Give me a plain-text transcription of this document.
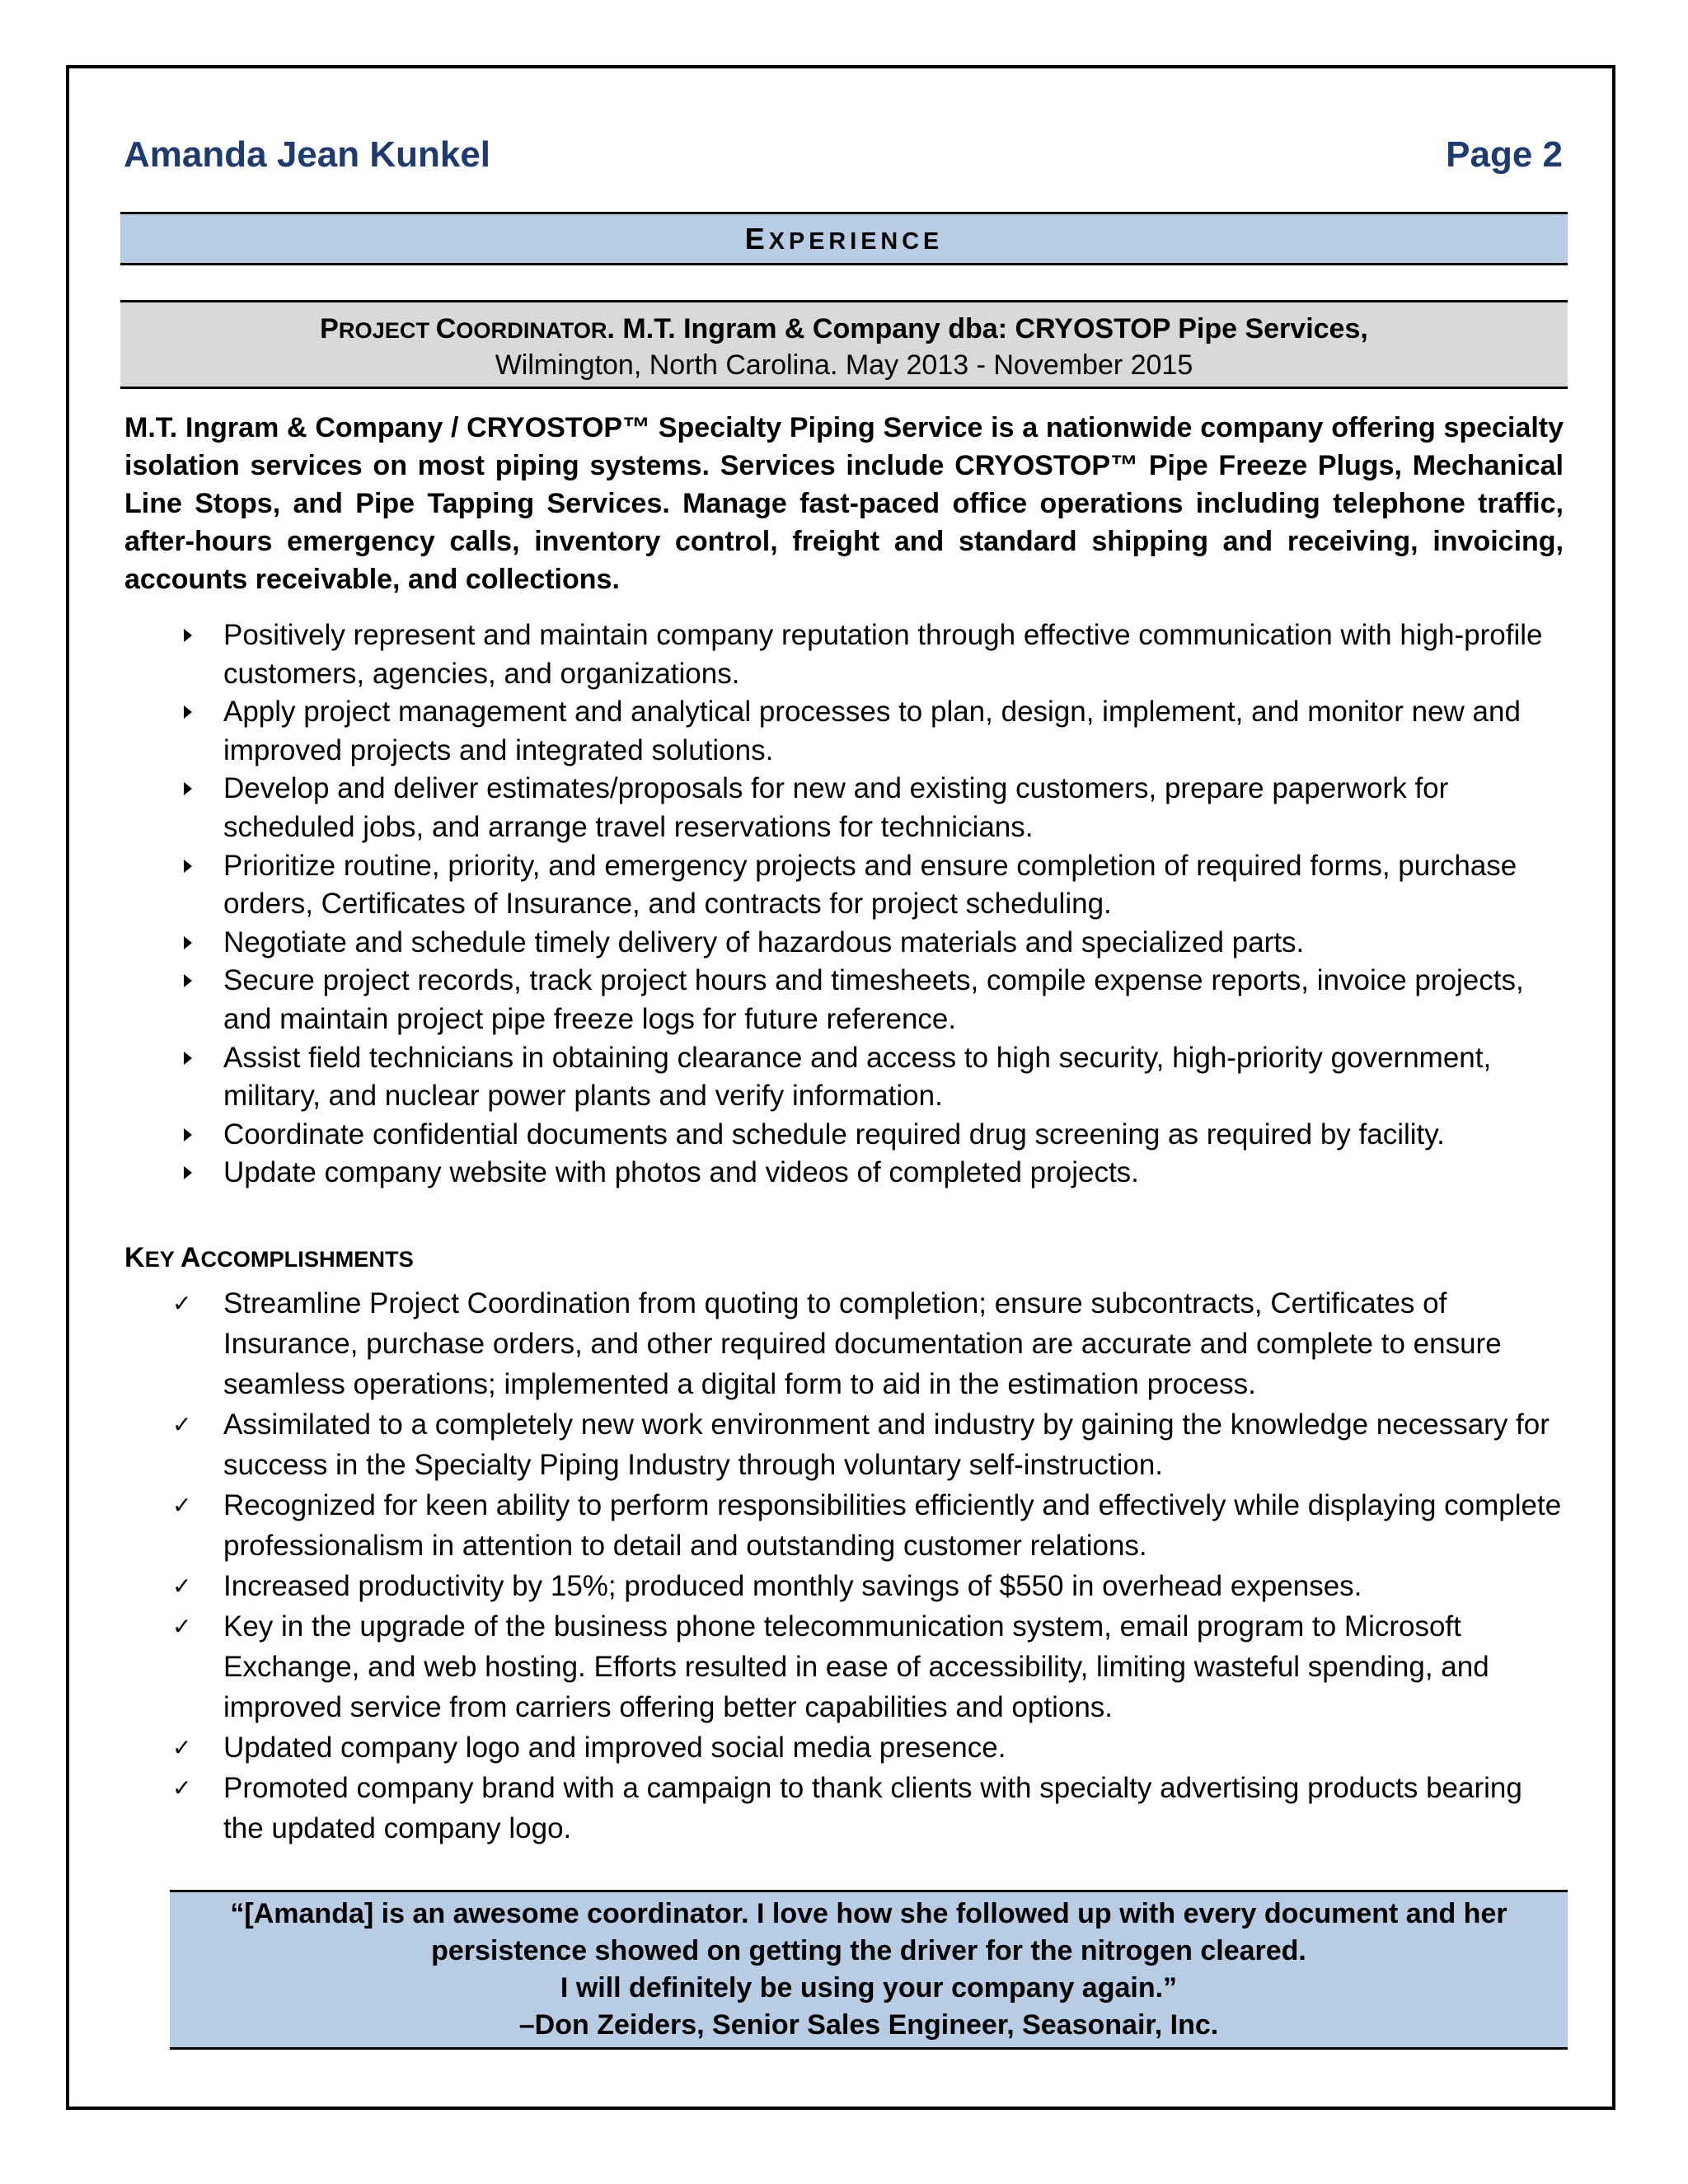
Amanda Jean Kunkel	Page 2
EXPERIENCE
PROJECT COORDINATOR. M.T. Ingram & Company dba: CRYOSTOP Pipe Services,
Wilmington, North Carolina. May 2013 - November 2015
M.T. Ingram & Company / CRYOSTOP™ Specialty Piping Service is a nationwide company offering specialty isolation services on most piping systems. Services include CRYOSTOP™ Pipe Freeze Plugs, Mechanical Line Stops, and Pipe Tapping Services. Manage fast-paced office operations including telephone traffic, after-hours emergency calls, inventory control, freight and standard shipping and receiving, invoicing, accounts receivable, and collections.
Positively represent and maintain company reputation through effective communication with high-profile customers, agencies, and organizations.
Apply project management and analytical processes to plan, design, implement, and monitor new and improved projects and integrated solutions.
Develop and deliver estimates/proposals for new and existing customers, prepare paperwork for scheduled jobs, and arrange travel reservations for technicians.
Prioritize routine, priority, and emergency projects and ensure completion of required forms, purchase orders, Certificates of Insurance, and contracts for project scheduling.
Negotiate and schedule timely delivery of hazardous materials and specialized parts.
Secure project records, track project hours and timesheets, compile expense reports, invoice projects, and maintain project pipe freeze logs for future reference.
Assist field technicians in obtaining clearance and access to high security, high-priority government, military, and nuclear power plants and verify information.
Coordinate confidential documents and schedule required drug screening as required by facility.
Update company website with photos and videos of completed projects.
KEY ACCOMPLISHMENTS
✓ Streamline Project Coordination from quoting to completion; ensure subcontracts, Certificates of Insurance, purchase orders, and other required documentation are accurate and complete to ensure seamless operations; implemented a digital form to aid in the estimation process.
✓ Assimilated to a completely new work environment and industry by gaining the knowledge necessary for success in the Specialty Piping Industry through voluntary self-instruction.
✓ Recognized for keen ability to perform responsibilities efficiently and effectively while displaying complete professionalism in attention to detail and outstanding customer relations.
✓ Increased productivity by 15%; produced monthly savings of $550 in overhead expenses.
✓ Key in the upgrade of the business phone telecommunication system, email program to Microsoft Exchange, and web hosting. Efforts resulted in ease of accessibility, limiting wasteful spending, and improved service from carriers offering better capabilities and options.
✓ Updated company logo and improved social media presence.
✓ Promoted company brand with a campaign to thank clients with specialty advertising products bearing the updated company logo.
“[Amanda] is an awesome coordinator. I love how she followed up with every document and her
persistence showed on getting the driver for the nitrogen cleared.
I will definitely be using your company again.”
–Don Zeiders, Senior Sales Engineer, Seasonair, Inc.
